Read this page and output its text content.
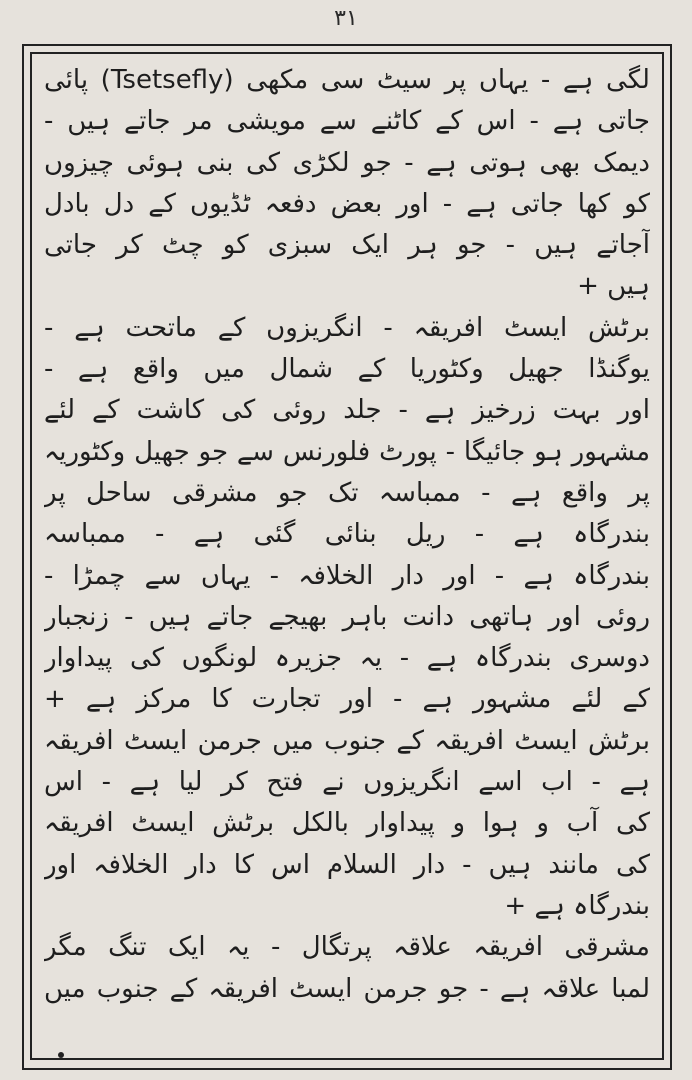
۳۱
لگی ہے - یہاں پر سیٹ سی مکھی (Tsetsefly) پائی
جاتی ہے - اس کے کاٹنے سے مویشی مر جاتے ہیں -
دیمک بھی ہوتی ہے - جو لکڑی کی بنی ہوئی چیزوں
کو کھا جاتی ہے - اور بعض دفعہ ٹڈیوں کے دل بادل
آجاتے ہیں - جو ہر ایک سبزی کو چٹ کر جاتی
ہیں +
برٹش ایسٹ افریقہ - انگریزوں کے ماتحت ہے -
یوگنڈا جھیل وکٹوریا کے شمال میں واقع ہے -
اور بہت زرخیز ہے - جلد روئی کی کاشت کے لئے
مشہور ہو جائیگا - پورٹ فلورنس سے جو جھیل وکٹوریہ
پر واقع ہے - ممباسہ تک جو مشرقی ساحل پر
بندرگاہ ہے - ریل بنائی گئی ہے - ممباسہ
بندرگاہ ہے - اور دار الخلافہ - یہاں سے چمڑا -
روئی اور ہاتھی دانت باہر بھیجے جاتے ہیں - زنجبار
دوسری بندرگاہ ہے - یہ جزیرہ لونگوں کی پیداوار
کے لئے مشہور ہے - اور تجارت کا مرکز ہے +
برٹش ایسٹ افریقہ کے جنوب میں جرمن ایسٹ افریقہ
ہے - اب اسے انگریزوں نے فتح کر لیا ہے - اس
کی آب و ہوا و پیداوار بالکل برٹش ایسٹ افریقہ
کی مانند ہیں - دار السلام اس کا دار الخلافہ اور
بندرگاہ ہے +
مشرقی افریقہ علاقہ پرتگال - یہ ایک تنگ مگر
لمبا علاقہ ہے - جو جرمن ایسٹ افریقہ کے جنوب میں
